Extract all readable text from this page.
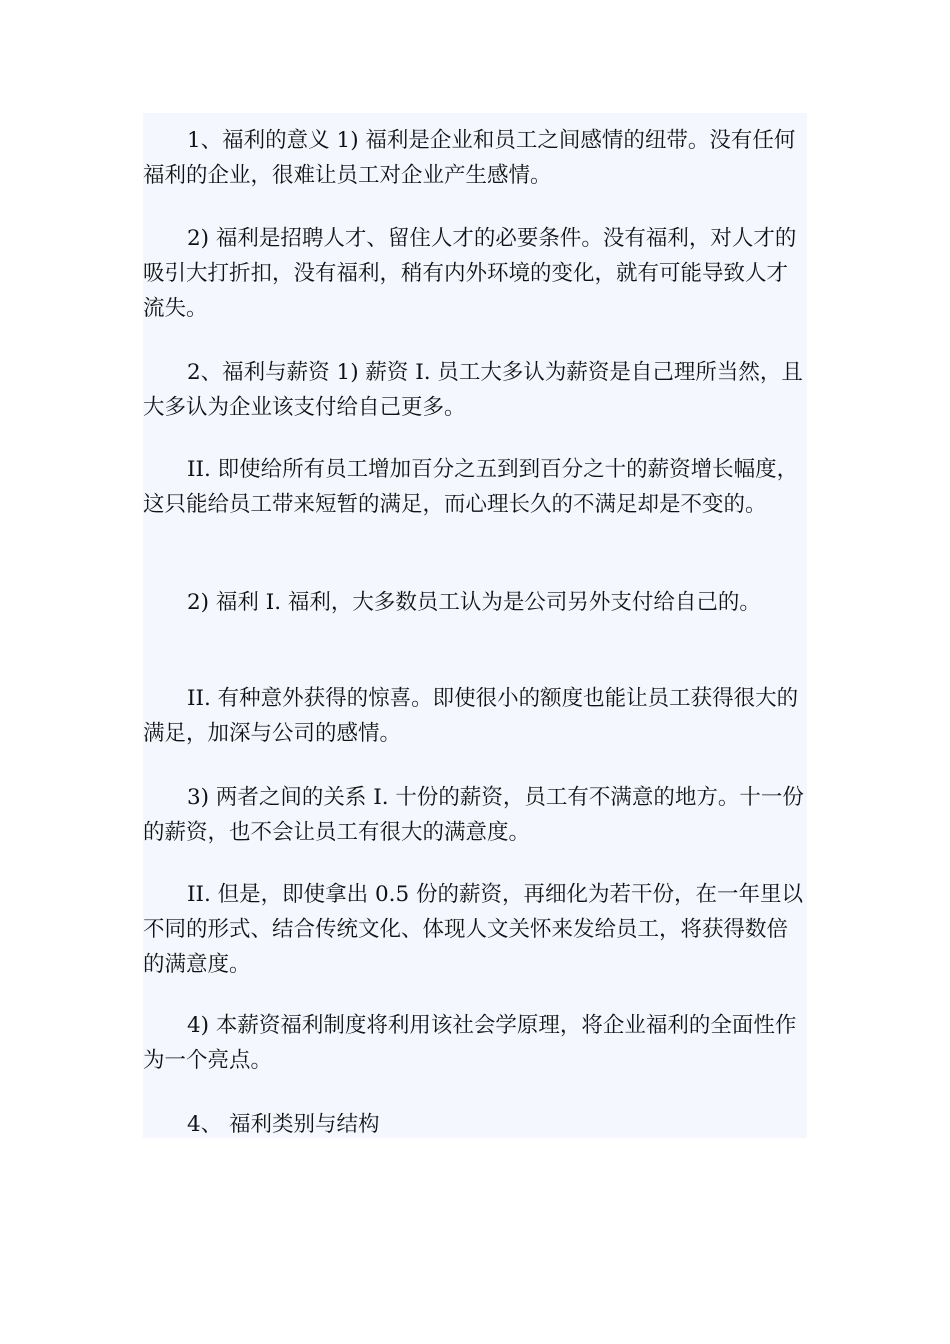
1、福利的意义 1) 福利是企业和员工之间感情的纽带。没有任何福利的企业，很难让员工对企业产生感情。

2) 福利是招聘人才、留住人才的必要条件。没有福利，对人才的吸引大打折扣，没有福利，稍有内外环境的变化，就有可能导致人才流失。

2、福利与薪资 1) 薪资 I. 员工大多认为薪资是自己理所当然，且大多认为企业该支付给自己更多。

II. 即使给所有员工增加百分之五到到百分之十的薪资增长幅度，这只能给员工带来短暂的满足，而心理长久的不满足却是不变的。

2) 福利 I. 福利，大多数员工认为是公司另外支付给自己的。

II. 有种意外获得的惊喜。即使很小的额度也能让员工获得很大的满足，加深与公司的感情。

3) 两者之间的关系 I. 十份的薪资，员工有不满意的地方。十一份的薪资，也不会让员工有很大的满意度。

II. 但是，即使拿出 0.5 份的薪资，再细化为若干份，在一年里以不同的形式、结合传统文化、体现人文关怀来发给员工，将获得数倍的满意度。

4) 本薪资福利制度将利用该社会学原理，将企业福利的全面性作为一个亮点。

4、 福利类别与结构
